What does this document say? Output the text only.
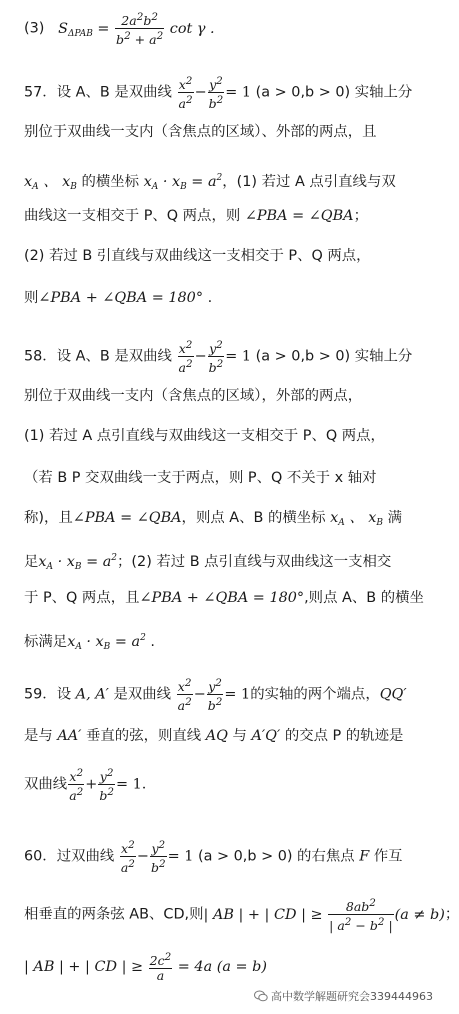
(3)   $S_{\Delta PAB} = \frac{2a^2b^2}{b^2 + a^2}$ cot γ .
57．设 A、B 是双曲线 $\frac{x^2}{a^2} - \frac{y^2}{b^2} = 1$ (a > 0,b > 0) 实轴上分
别位于双曲线一支内（含焦点的区域）、外部的两点，且
$x_A$ 、 $x_B$ 的横坐标 $x_A \cdot x_B = a^2$，(1) 若过 A 点引直线与双
曲线这一支相交于 P、Q 两点，则 ∠PBA = ∠QBA；
(2) 若过 B 引直线与双曲线这一支相交于 P、Q 两点，
则∠PBA + ∠QBA = 180° .
58．设 A、B 是双曲线 $\frac{x^2}{a^2} - \frac{y^2}{b^2} = 1$ (a > 0,b > 0) 实轴上分
别位于双曲线一支内（含焦点的区域），外部的两点，
(1) 若过 A 点引直线与双曲线这一支相交于 P、Q 两点，
（若 B P 交双曲线一支于两点，则 P、Q 不关于 x 轴对
称)，且∠PBA = ∠QBA，则点 A、B 的横坐标 $x_A$ 、 $x_B$ 满
足$x_A \cdot x_B = a^2$；(2) 若过 B 点引直线与双曲线这一支相交
于 P、Q 两点，且∠PBA + ∠QBA = 180°,则点 A、B 的横坐
标满足$x_A \cdot x_B = a^2$ .
59．设 A, A′ 是双曲线 $\frac{x^2}{a^2} - \frac{y^2}{b^2} = 1$的实轴的两个端点，QQ′
是与 AA′ 垂直的弦，则直线 AQ 与 A′Q′ 的交点 P 的轨迹是
双曲线 $\frac{x^2}{a^2} + \frac{y^2}{b^2} = 1$.
60．过双曲线 $\frac{x^2}{a^2} - \frac{y^2}{b^2} = 1$ (a > 0,b > 0) 的右焦点 F 作互
相垂直的两条弦 AB、CD,则| AB | + | CD | ≥ $\frac{8ab^2}{| a^2 - b^2 |} (a \ne b)$；
| AB | + | CD | ≥ $\frac{2c^2}{a} = 4a$ (a = b)
高中数学解题研究会339444963
